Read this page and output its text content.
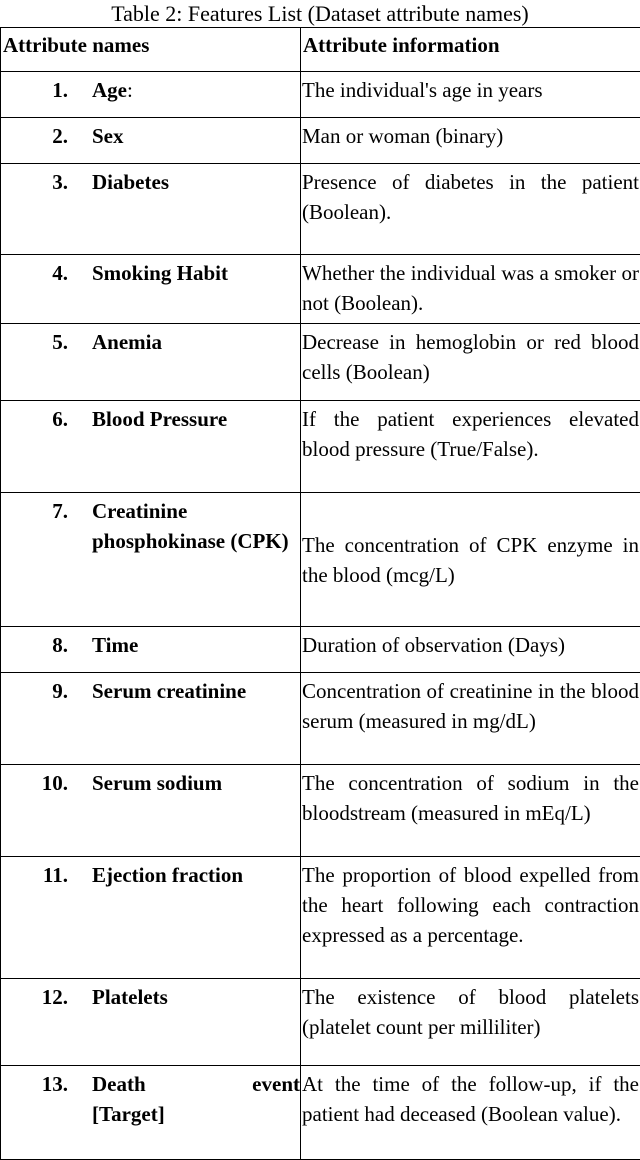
Table 2: Features List (Dataset attribute names)
Attribute names	Attribute information

1. Age:	The individual's age in years

2. Sex	Man or woman (binary)

3. Diabetes	Presence of diabetes in the patient (Boolean).

4. Smoking Habit	Whether the individual was a smoker or not (Boolean).

5. Anemia	Decrease in hemoglobin or red blood cells (Boolean)

6. Blood Pressure	If the patient experiences elevated blood pressure (True/False).

7. Creatinine phosphokinase (CPK)	The concentration of CPK enzyme in the blood (mcg/L)

8. Time	Duration of observation (Days)

9. Serum creatinine	Concentration of creatinine in the blood serum (measured in mg/dL)

10. Serum sodium	The concentration of sodium in the bloodstream (measured in mEq/L)

11. Ejection fraction	The proportion of blood expelled from the heart following each contraction expressed as a percentage.

12. Platelets	The existence of blood platelets (platelet count per milliliter)

13. Death event
[Target]	At the time of the follow-up, if the patient had deceased (Boolean value).
